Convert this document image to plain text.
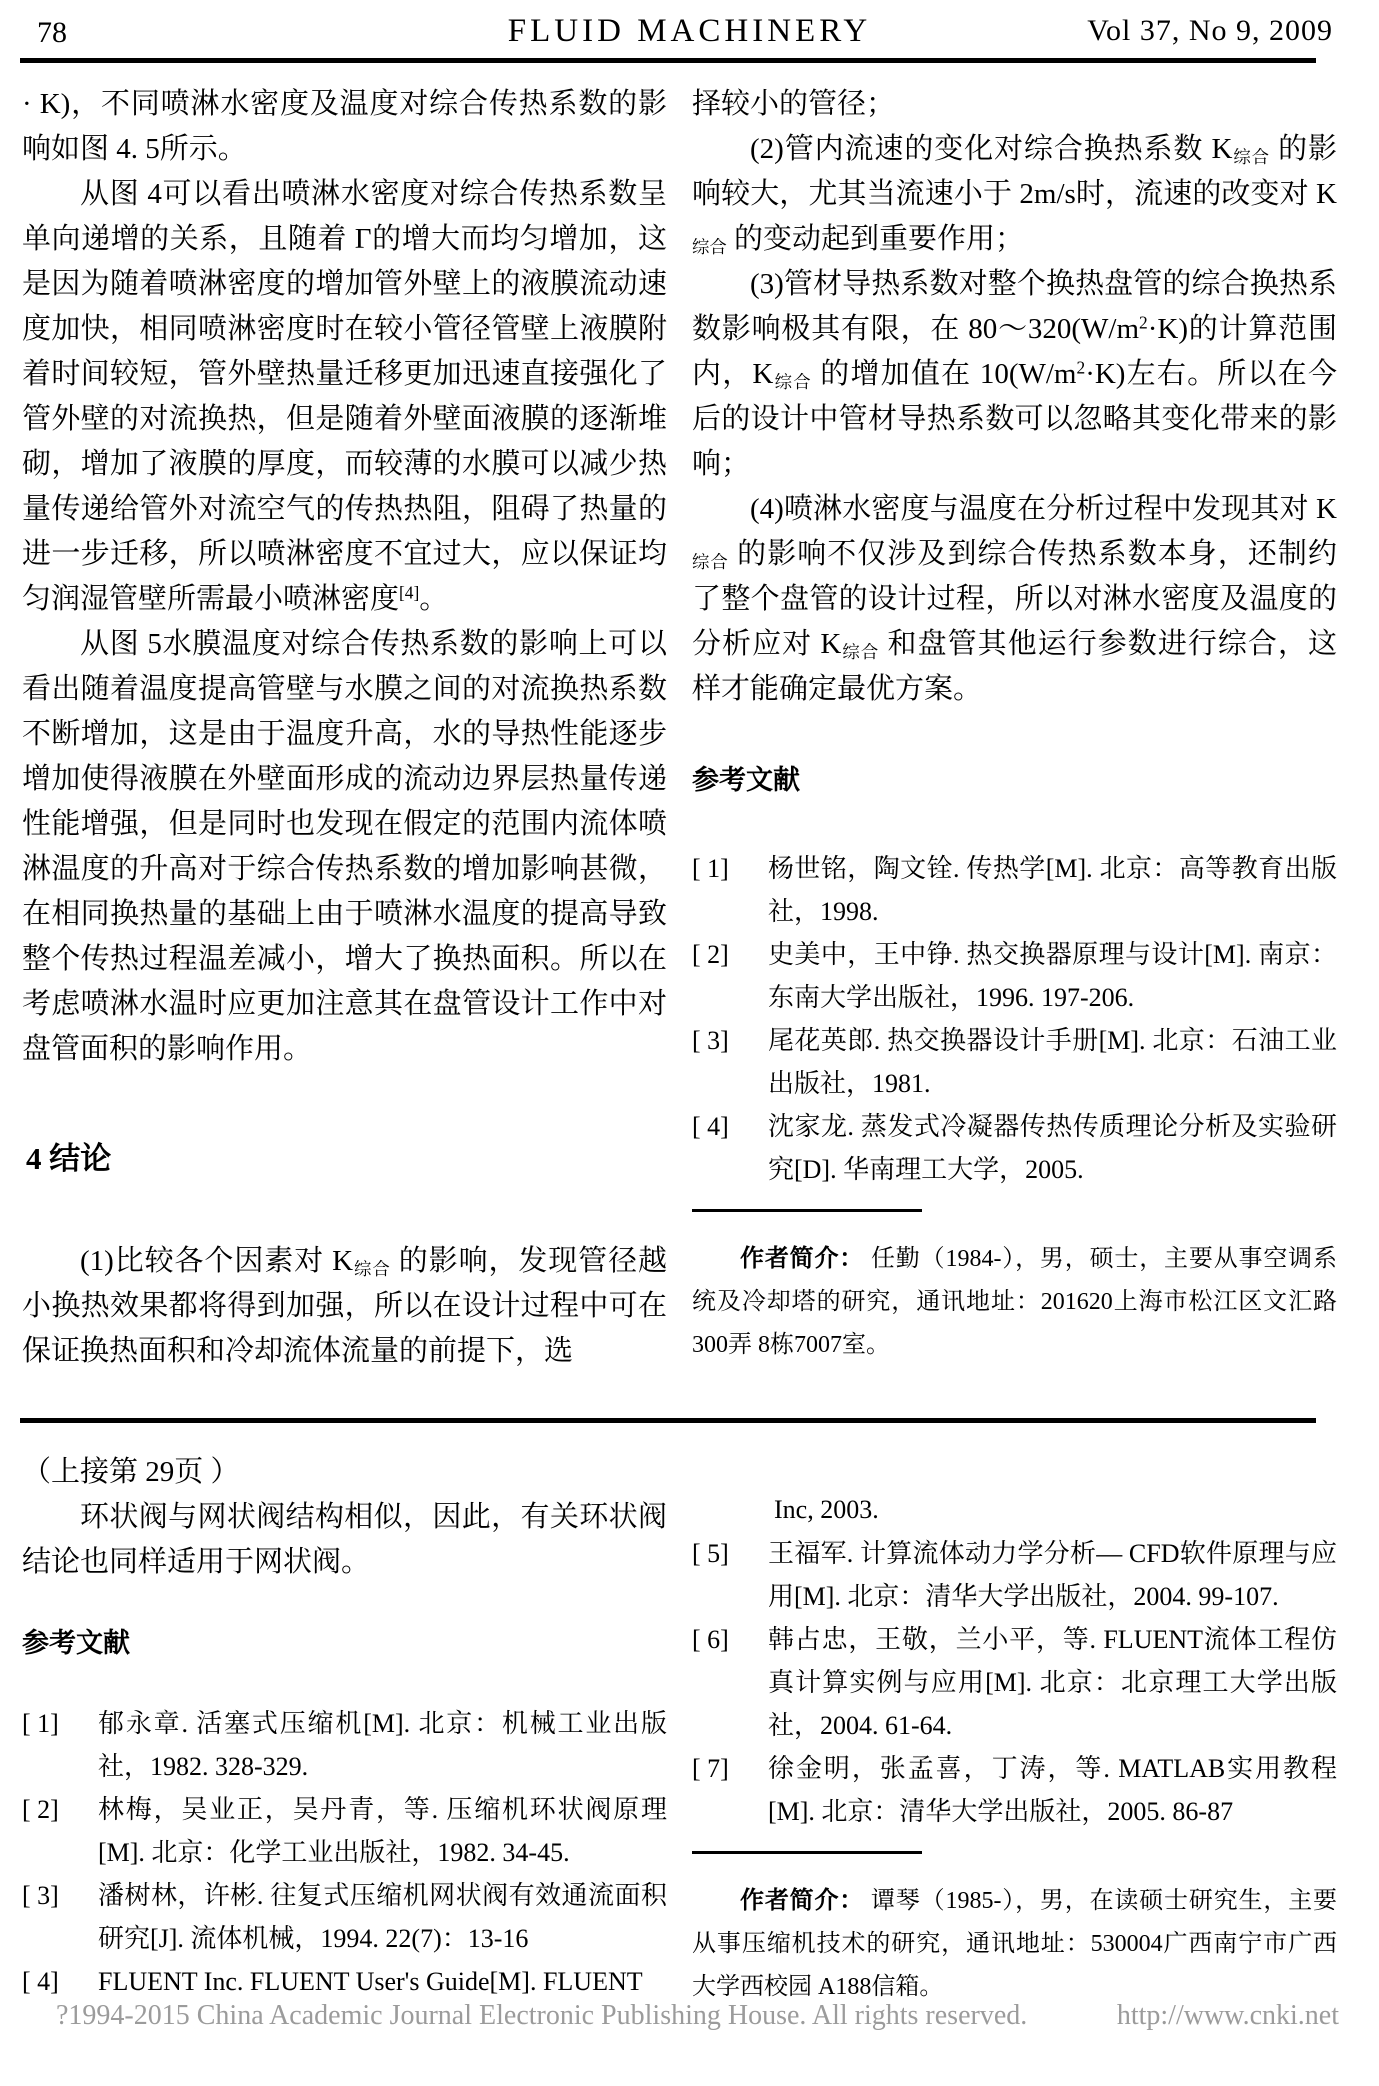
78	FLUID MACHINERY	Vol 37, No 9, 2009

· K)，不同喷淋水密度及温度对综合传热系数的影响如图 4. 5所示。

从图 4可以看出喷淋水密度对综合传热系数呈单向递增的关系，且随着 Γ的增大而均匀增加，这是因为随着喷淋密度的增加管外壁上的液膜流动速度加快，相同喷淋密度时在较小管径管壁上液膜附着时间较短，管外壁热量迁移更加迅速直接强化了管外壁的对流换热，但是随着外壁面液膜的逐渐堆砌，增加了液膜的厚度，而较薄的水膜可以减少热量传递给管外对流空气的传热热阻，阻碍了热量的进一步迁移，所以喷淋密度不宜过大，应以保证均匀润湿管壁所需最小喷淋密度[4]。

从图 5水膜温度对综合传热系数的影响上可以看出随着温度提高管壁与水膜之间的对流换热系数不断增加，这是由于温度升高，水的导热性能逐步增加使得液膜在外壁面形成的流动边界层热量传递性能增强，但是同时也发现在假定的范围内流体喷淋温度的升高对于综合传热系数的增加影响甚微，在相同换热量的基础上由于喷淋水温度的提高导致整个传热过程温差减小，增大了换热面积。所以在考虑喷淋水温时应更加注意其在盘管设计工作中对盘管面积的影响作用。

4 结论

(1)比较各个因素对 $K_{综合}$ 的影响，发现管径越小换热效果都将得到加强，所以在设计过程中可在保证换热面积和冷却流体流量的前提下，选

择较小的管径；

(2)管内流速的变化对综合换热系数 $K_{综合}$ 的影响较大，尤其当流速小于 2m/s时，流速的改变对 $K_{综合}$ 的变动起到重要作用；

(3)管材导热系数对整个换热盘管的综合换热系数影响极其有限，在 $80\sim 320(W/m^2\cdot K)$的计算范围内，$K_{综合}$ 的增加值在 $10(W/m^2\cdot K)$左右。所以在今后的设计中管材导热系数可以忽略其变化带来的影响；

(4)喷淋水密度与温度在分析过程中发现其对 $K_{综合}$ 的影响不仅涉及到综合传热系数本身，还制约了整个盘管的设计过程，所以对淋水密度及温度的分析应对 $K_{综合}$ 和盘管其他运行参数进行综合，这样才能确定最优方案。

参考文献
[ 1]	杨世铭，陶文铨. 传热学[M]. 北京：高等教育出版社，1998.
[ 2]	史美中，王中铮. 热交换器原理与设计[M]. 南京：东南大学出版社，1996. 197-206.
[ 3]	尾花英郎. 热交换器设计手册[M]. 北京：石油工业出版社，1981.
[ 4]	沈家龙. 蒸发式冷凝器传热传质理论分析及实验研究[D]. 华南理工大学，2005.

作者简介： 任勤（1984-），男，硕士，主要从事空调系统及冷却塔的研究，通讯地址：201620上海市松江区文汇路 300弄 8栋7007室。

（上接第 29页 ）

环状阀与网状阀结构相似，因此，有关环状阀结论也同样适用于网状阀。

参考文献
[ 1]	郁永章. 活塞式压缩机[M]. 北京：机械工业出版社，1982. 328-329.
[ 2]	林梅，吴业正，吴丹青，等. 压缩机环状阀原理[M]. 北京：化学工业出版社，1982. 34-45.
[ 3]	潘树林，许彬. 往复式压缩机网状阀有效通流面积研究[J]. 流体机械，1994. 22(7)：13-16
[ 4]	FLUENT Inc. FLUENT User's Guide[M]. FLUENT

Inc, 2003.

[ 5]	王福军. 计算流体动力学分析— CFD软件原理与应用[M]. 北京：清华大学出版社，2004. 99-107.
[ 6]	韩占忠，王敬，兰小平，等. FLUENT流体工程仿真计算实例与应用[M]. 北京：北京理工大学出版社，2004. 61-64.
[ 7]	徐金明，张孟喜，丁涛，等. MATLAB实用教程[M]. 北京：清华大学出版社，2005. 86-87

作者简介： 谭琴（1985-），男，在读硕士研究生，主要从事压缩机技术的研究，通讯地址：530004广西南宁市广西大学西校园 A188信箱。

?1994-2015 China Academic Journal Electronic Publishing House. All rights reserved.	http://www.cnki.net
